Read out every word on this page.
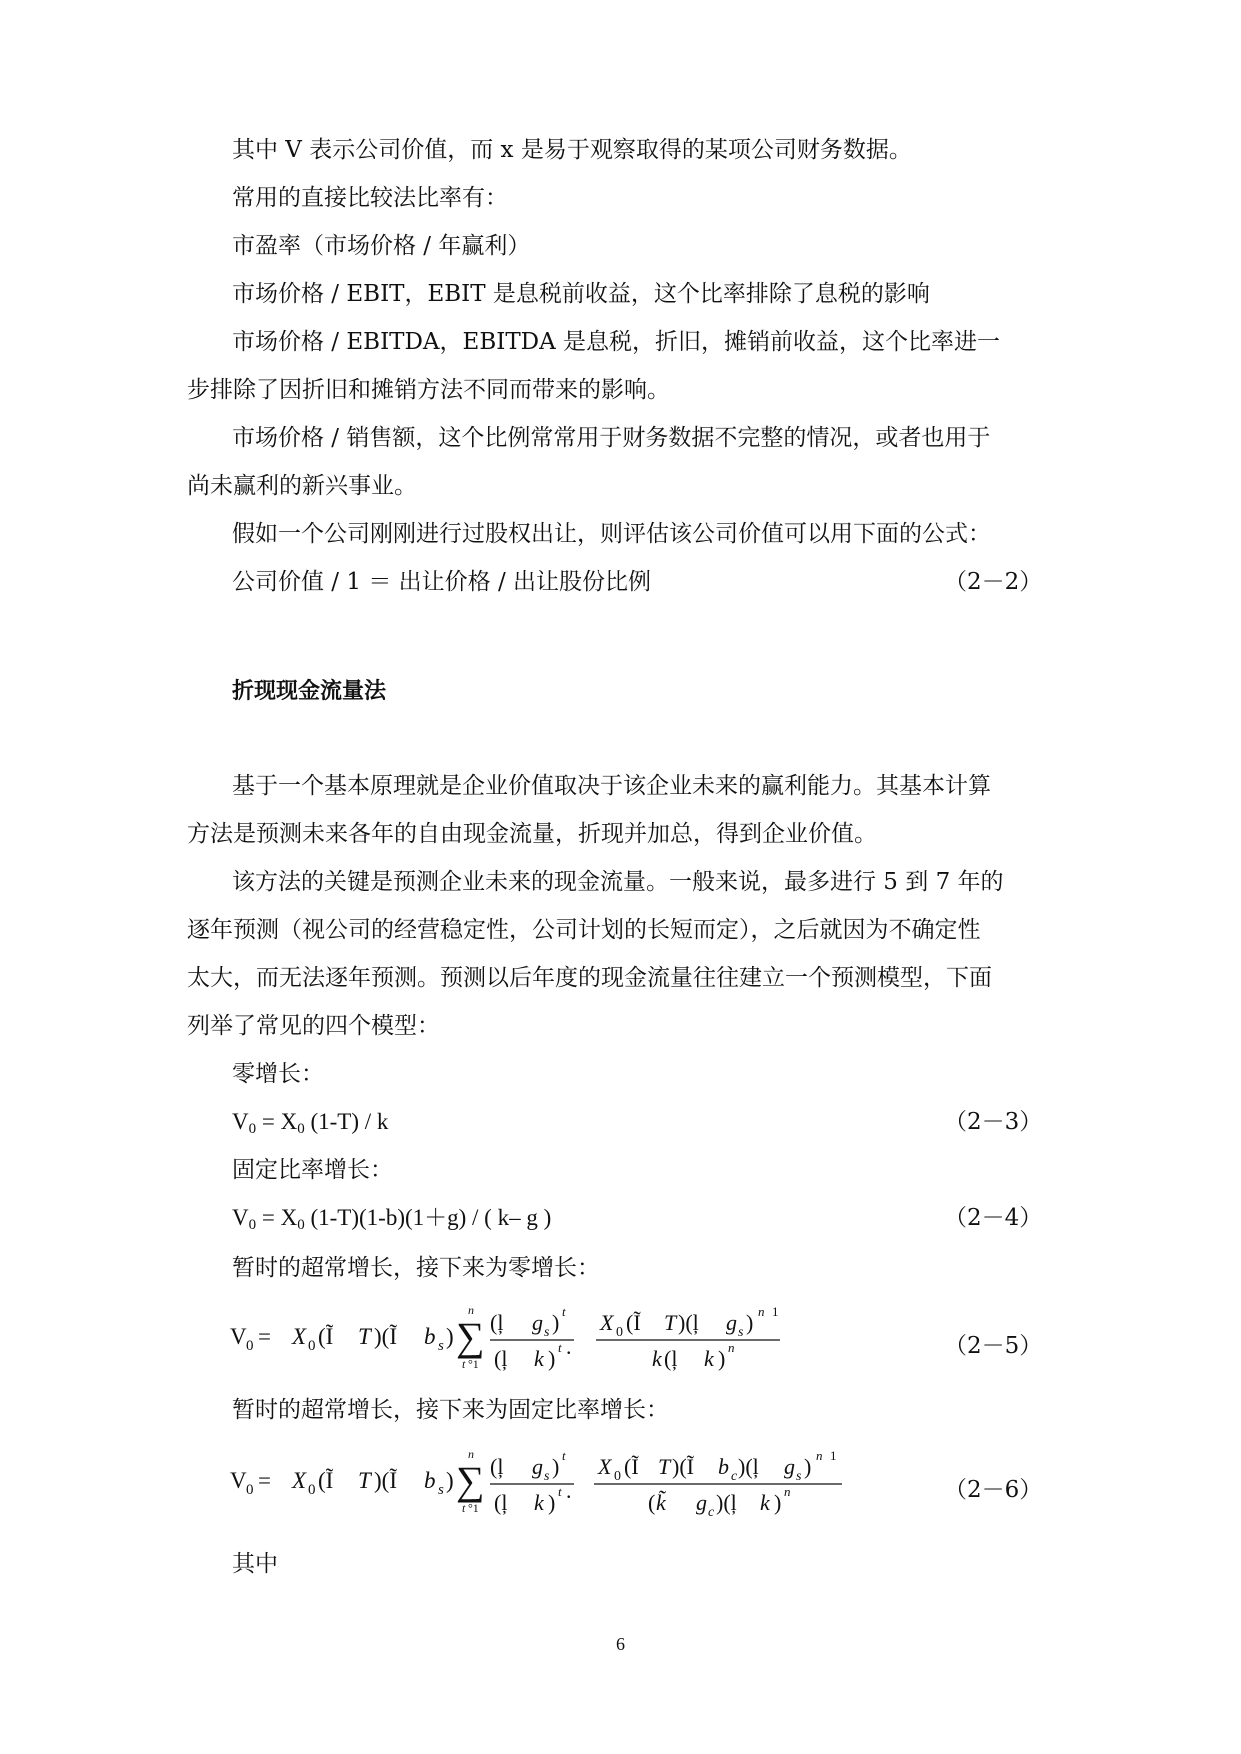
其中 V 表示公司价值，而 x 是易于观察取得的某项公司财务数据。
常用的直接比较法比率有：
市盈率（市场价格 / 年赢利）
市场价格 / EBIT，EBIT 是息税前收益，这个比率排除了息税的影响
市场价格 / EBITDA，EBITDA 是息税，折旧，摊销前收益，这个比率进一
步排除了因折旧和摊销方法不同而带来的影响。
市场价格 / 销售额，这个比例常常用于财务数据不完整的情况，或者也用于
尚未赢利的新兴事业。
假如一个公司刚刚进行过股权出让，则评估该公司价值可以用下面的公式：
公司价值 / 1 ＝ 出让价格 / 出让股份比例	（2－2）
折现现金流量法
基于一个基本原理就是企业价值取决于该企业未来的赢利能力。其基本计算
方法是预测未来各年的自由现金流量，折现并加总，得到企业价值。
该方法的关键是预测企业未来的现金流量。一般来说，最多进行 5 到 7 年的
逐年预测（视公司的经营稳定性，公司计划的长短而定），之后就因为不确定性
太大，而无法逐年预测。预测以后年度的现金流量往往建立一个预测模型，下面
列举了常见的四个模型：
零增长：
$V_0 = X_0$ (1-T) / k	（2－3）
固定比率增长：
$V_0 = X_0$ (1-T)(1-b)(1＋g) / ( k– g )	（2－4）
暂时的超常增长，接下来为零增长：
V 0 = X 0 (Ĩ T )(Ĩ b s ) ∑
n
t °1
(ļ g s ) t
(ļ k ) t .
X 0 (Ĩ T )(ļ g s ) n 1
k (ļ k ) n	（2－5）
暂时的超常增长，接下来为固定比率增长：
V 0 = X 0 (Ĩ T )(Ĩ b s ) ∑
n
t °1
(ļ g s ) t
(ļ k ) t .
X 0 (Ĩ T )(Ĩ b c )(ļ g s ) n 1
( k̃ g c )(ļ k ) n	（2－6）
其中
6
